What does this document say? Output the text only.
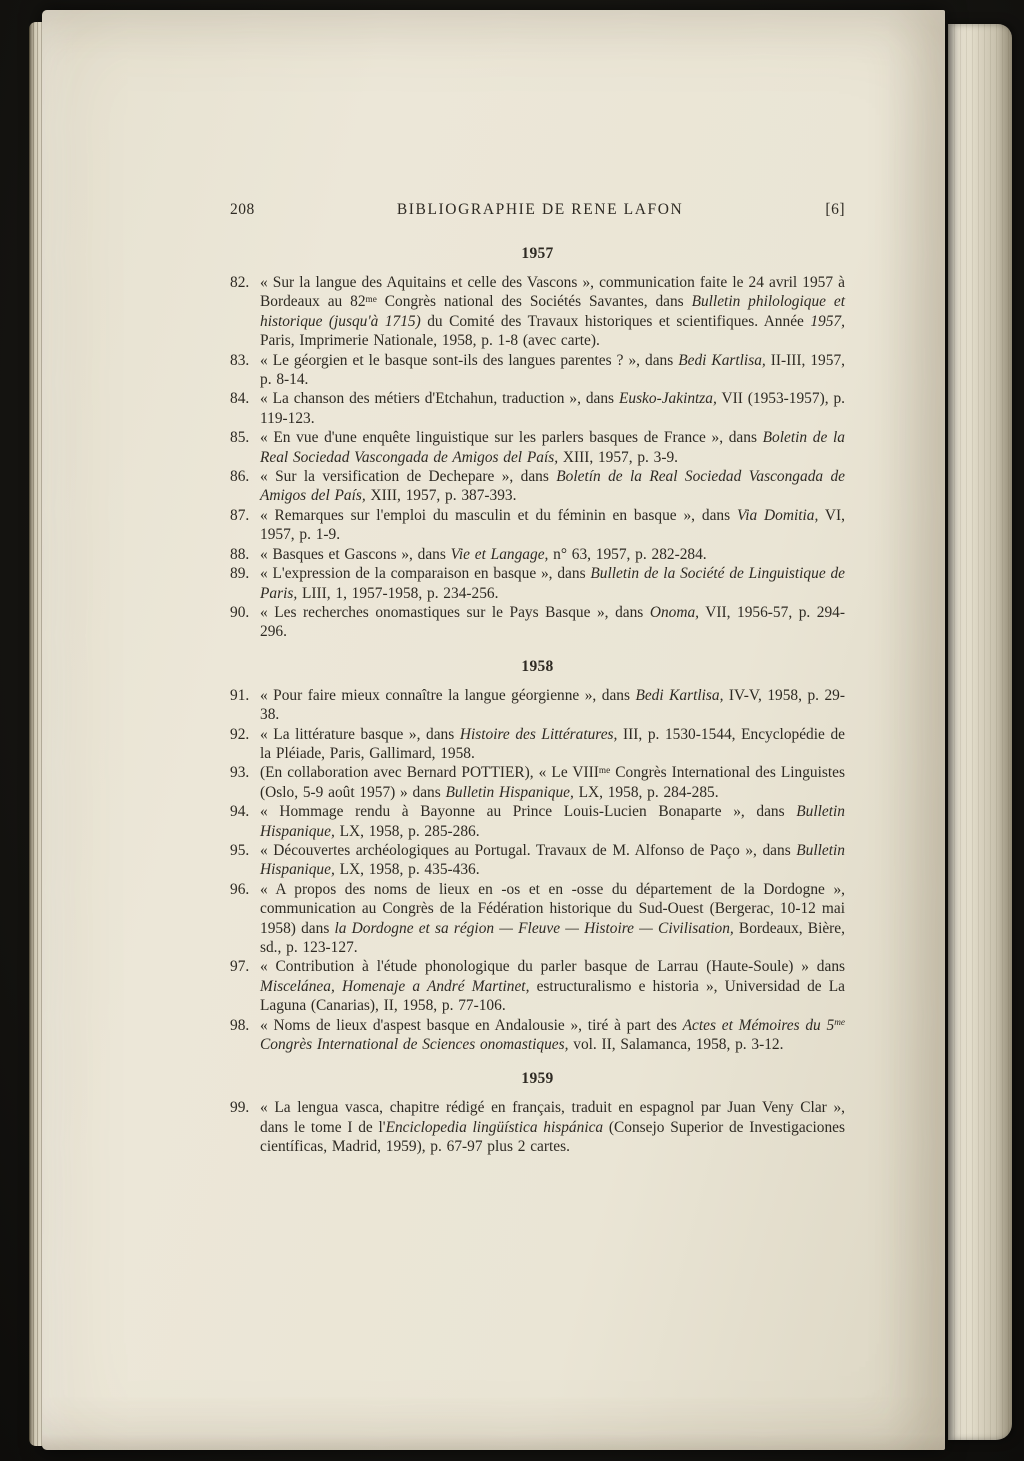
208	BIBLIOGRAPHIE DE RENE LAFON	[6]
1957
82. « Sur la langue des Aquitains et celle des Vascons », communication faite le 24 avril 1957 à Bordeaux au $82^{me}$ Congrès national des Sociétés Savantes, dans Bulletin philologique et historique (jusqu'à 1715) du Comité des Travaux historiques et scientifiques. Année 1957, Paris, Imprimerie Nationale, 1958, p. 1-8 (avec carte).
83. « Le géorgien et le basque sont-ils des langues parentes ? », dans Bedi Kartlisa, II-III, 1957, p. 8-14.
84. « La chanson des métiers d'Etchahun, traduction », dans Eusko-Jakintza, VII (1953-1957), p. 119-123.
85. « En vue d'une enquête linguistique sur les parlers basques de France », dans Boletin de la Real Sociedad Vascongada de Amigos del País, XIII, 1957, p. 3-9.
86. « Sur la versification de Dechepare », dans Boletín de la Real Sociedad Vascongada de Amigos del País, XIII, 1957, p. 387-393.
87. « Remarques sur l'emploi du masculin et du féminin en basque », dans Via Domitia, VI, 1957, p. 1-9.
88. « Basques et Gascons », dans Vie et Langage, n° 63, 1957, p. 282-284.
89. « L'expression de la comparaison en basque », dans Bulletin de la Société de Linguistique de Paris, LIII, 1, 1957-1958, p. 234-256.
90. « Les recherches onomastiques sur le Pays Basque », dans Onoma, VII, 1956-57, p. 294-296.
1958
91. « Pour faire mieux connaître la langue géorgienne », dans Bedi Kartlisa, IV-V, 1958, p. 29-38.
92. « La littérature basque », dans Histoire des Littératures, III, p. 1530-1544, Encyclopédie de la Pléiade, Paris, Gallimard, 1958.
93. (En collaboration avec Bernard POTTIER), « Le $VIII^{me}$ Congrès International des Linguistes (Oslo, 5-9 août 1957) » dans Bulletin Hispanique, LX, 1958, p. 284-285.
94. « Hommage rendu à Bayonne au Prince Louis-Lucien Bonaparte », dans Bulletin Hispanique, LX, 1958, p. 285-286.
95. « Découvertes archéologiques au Portugal. Travaux de M. Alfonso de Paço », dans Bulletin Hispanique, LX, 1958, p. 435-436.
96. « A propos des noms de lieux en -os et en -osse du département de la Dordogne », communication au Congrès de la Fédération historique du Sud-Ouest (Bergerac, 10-12 mai 1958) dans la Dordogne et sa région — Fleuve — Histoire — Civilisation, Bordeaux, Bière, sd., p. 123-127.
97. « Contribution à l'étude phonologique du parler basque de Larrau (Haute-Soule) » dans Miscelánea, Homenaje a André Martinet, estructuralismo e historia », Universidad de La Laguna (Canarias), II, 1958, p. 77-106.
98. « Noms de lieux d'aspest basque en Andalousie », tiré à part des Actes et Mémoires du $5^{me}$ Congrès International de Sciences onomastiques, vol. II, Salamanca, 1958, p. 3-12.
1959
99. « La lengua vasca, chapitre rédigé en français, traduit en espagnol par Juan Veny Clar », dans le tome I de l'Enciclopedia lingüística hispánica (Consejo Superior de Investigaciones científicas, Madrid, 1959), p. 67-97 plus 2 cartes.
